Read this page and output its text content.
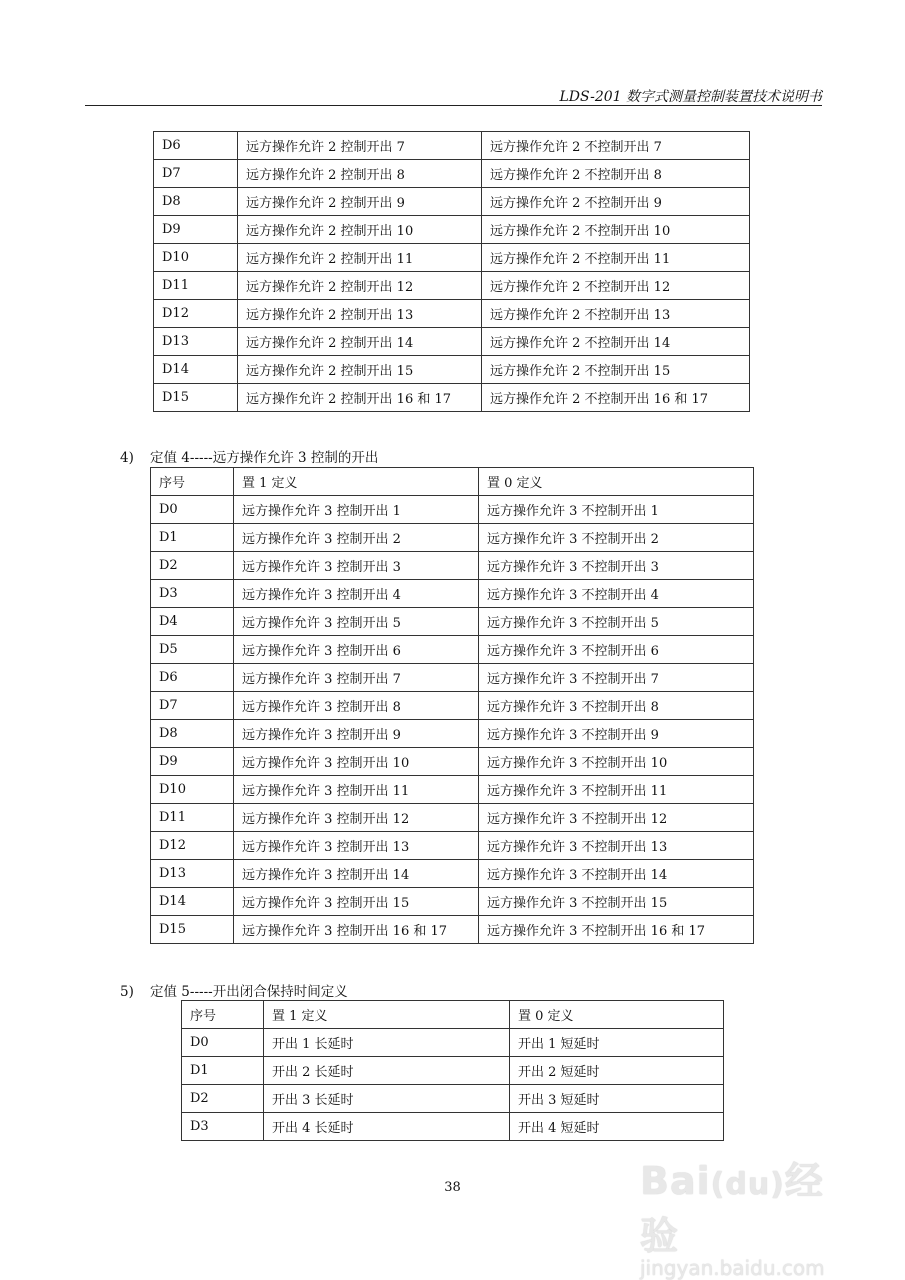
LDS-201 数字式测量控制装置技术说明书
D6	远方操作允许 2 控制开出 7	远方操作允许 2 不控制开出 7
D7	远方操作允许 2 控制开出 8	远方操作允许 2 不控制开出 8
D8	远方操作允许 2 控制开出 9	远方操作允许 2 不控制开出 9
D9	远方操作允许 2 控制开出 10	远方操作允许 2 不控制开出 10
D10	远方操作允许 2 控制开出 11	远方操作允许 2 不控制开出 11
D11	远方操作允许 2 控制开出 12	远方操作允许 2 不控制开出 12
D12	远方操作允许 2 控制开出 13	远方操作允许 2 不控制开出 13
D13	远方操作允许 2 控制开出 14	远方操作允许 2 不控制开出 14
D14	远方操作允许 2 控制开出 15	远方操作允许 2 不控制开出 15
D15	远方操作允许 2 控制开出 16 和 17	远方操作允许 2 不控制开出 16 和 17
4) 定值 4-----远方操作允许 3 控制的开出
序号	置 1 定义	置 0 定义
D0	远方操作允许 3 控制开出 1	远方操作允许 3 不控制开出 1
D1	远方操作允许 3 控制开出 2	远方操作允许 3 不控制开出 2
D2	远方操作允许 3 控制开出 3	远方操作允许 3 不控制开出 3
D3	远方操作允许 3 控制开出 4	远方操作允许 3 不控制开出 4
D4	远方操作允许 3 控制开出 5	远方操作允许 3 不控制开出 5
D5	远方操作允许 3 控制开出 6	远方操作允许 3 不控制开出 6
D6	远方操作允许 3 控制开出 7	远方操作允许 3 不控制开出 7
D7	远方操作允许 3 控制开出 8	远方操作允许 3 不控制开出 8
D8	远方操作允许 3 控制开出 9	远方操作允许 3 不控制开出 9
D9	远方操作允许 3 控制开出 10	远方操作允许 3 不控制开出 10
D10	远方操作允许 3 控制开出 11	远方操作允许 3 不控制开出 11
D11	远方操作允许 3 控制开出 12	远方操作允许 3 不控制开出 12
D12	远方操作允许 3 控制开出 13	远方操作允许 3 不控制开出 13
D13	远方操作允许 3 控制开出 14	远方操作允许 3 不控制开出 14
D14	远方操作允许 3 控制开出 15	远方操作允许 3 不控制开出 15
D15	远方操作允许 3 控制开出 16 和 17	远方操作允许 3 不控制开出 16 和 17
5) 定值 5-----开出闭合保持时间定义
序号	置 1 定义	置 0 定义
D0	开出 1 长延时	开出 1 短延时
D1	开出 2 长延时	开出 2 短延时
D2	开出 3 长延时	开出 3 短延时
D3	开出 4 长延时	开出 4 短延时
38	Bai(du)经验
jingyan.baidu.com
